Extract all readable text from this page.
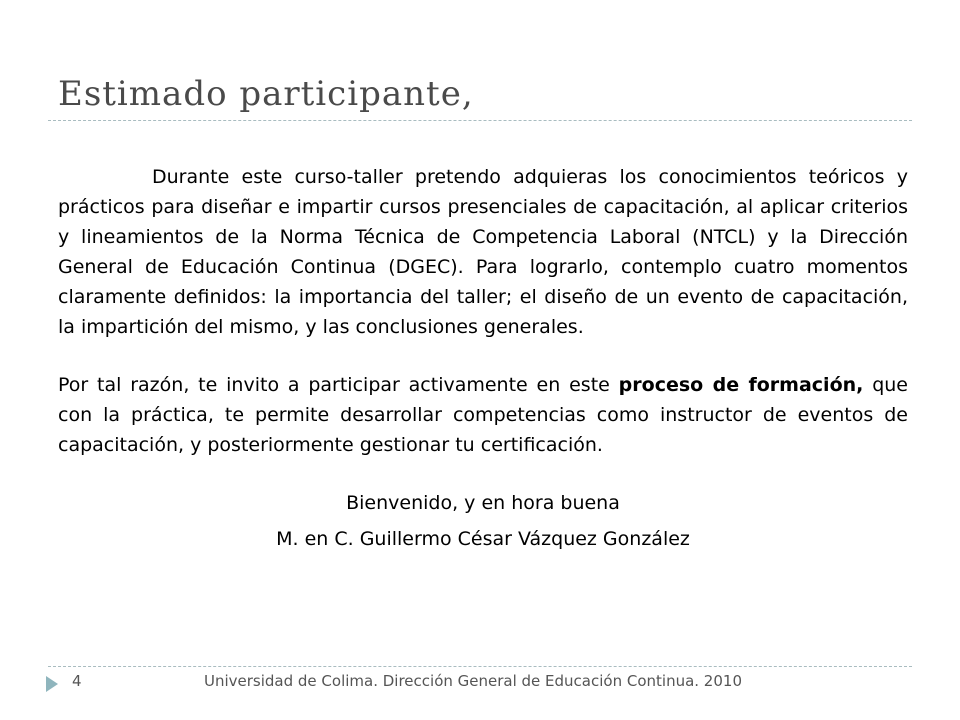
Estimado participante,

Durante este curso-taller pretendo adquieras los conocimientos teóricos y prácticos para diseñar e impartir cursos presenciales de capacitación, al aplicar criterios y lineamientos de la Norma Técnica de Competencia Laboral (NTCL) y la Dirección General de Educación Continua (DGEC). Para lograrlo, contemplo cuatro momentos claramente definidos: la importancia del taller; el diseño de un evento de capacitación, la impartición del mismo, y las conclusiones generales.

Por tal razón, te invito a participar activamente en este proceso de formación, que con la práctica, te permite desarrollar competencias como instructor de eventos de capacitación, y posteriormente gestionar tu certificación.

Bienvenido, y en hora buena

M. en C. Guillermo César Vázquez González

4	Universidad de Colima. Dirección General de Educación Continua. 2010
